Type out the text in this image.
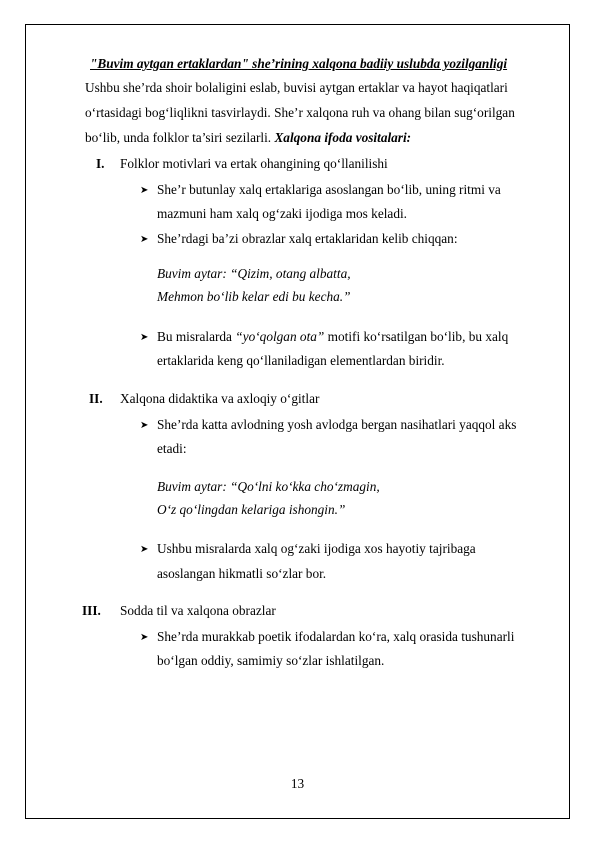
"Buvim aytgan ertaklardan" she’rining xalqona badiiy uslubda yozilganligi
Ushbu she’rda shoir bolaligini eslab, buvisi aytgan ertaklar va hayot haqiqatlari
o‘rtasidagi bog‘liqlikni tasvirlaydi. She’r xalqona ruh va ohang bilan sug‘orilgan
bo‘lib, unda folklor ta’siri sezilarli. Xalqona ifoda vositalari:
I. Folklor motivlari va ertak ohangining qo‘llanilishi
➤ She’r butunlay xalq ertaklariga asoslangan bo‘lib, uning ritmi va
mazmuni ham xalq og‘zaki ijodiga mos keladi.
➤ She’rdagi ba’zi obrazlar xalq ertaklaridan kelib chiqqan:
Buvim aytar: “Qizim, otang albatta,
Mehmon bo‘lib kelar edi bu kecha.”
➤ Bu misralarda “yo‘qolgan ota” motifi ko‘rsatilgan bo‘lib, bu xalq
ertaklarida keng qo‘llaniladigan elementlardan biridir.
II. Xalqona didaktika va axloqiy o‘gitlar
➤ She’rda katta avlodning yosh avlodga bergan nasihatlari yaqqol aks
etadi:
Buvim aytar: “Qo‘lni ko‘kka cho‘zmagin,
O‘z qo‘lingdan kelariga ishongin.”
➤ Ushbu misralarda xalq og‘zaki ijodiga xos hayotiy tajribaga
asoslangan hikmatli so‘zlar bor.
III. Sodda til va xalqona obrazlar
➤ She’rda murakkab poetik ifodalardan ko‘ra, xalq orasida tushunarli
bo‘lgan oddiy, samimiy so‘zlar ishlatilgan.
13
